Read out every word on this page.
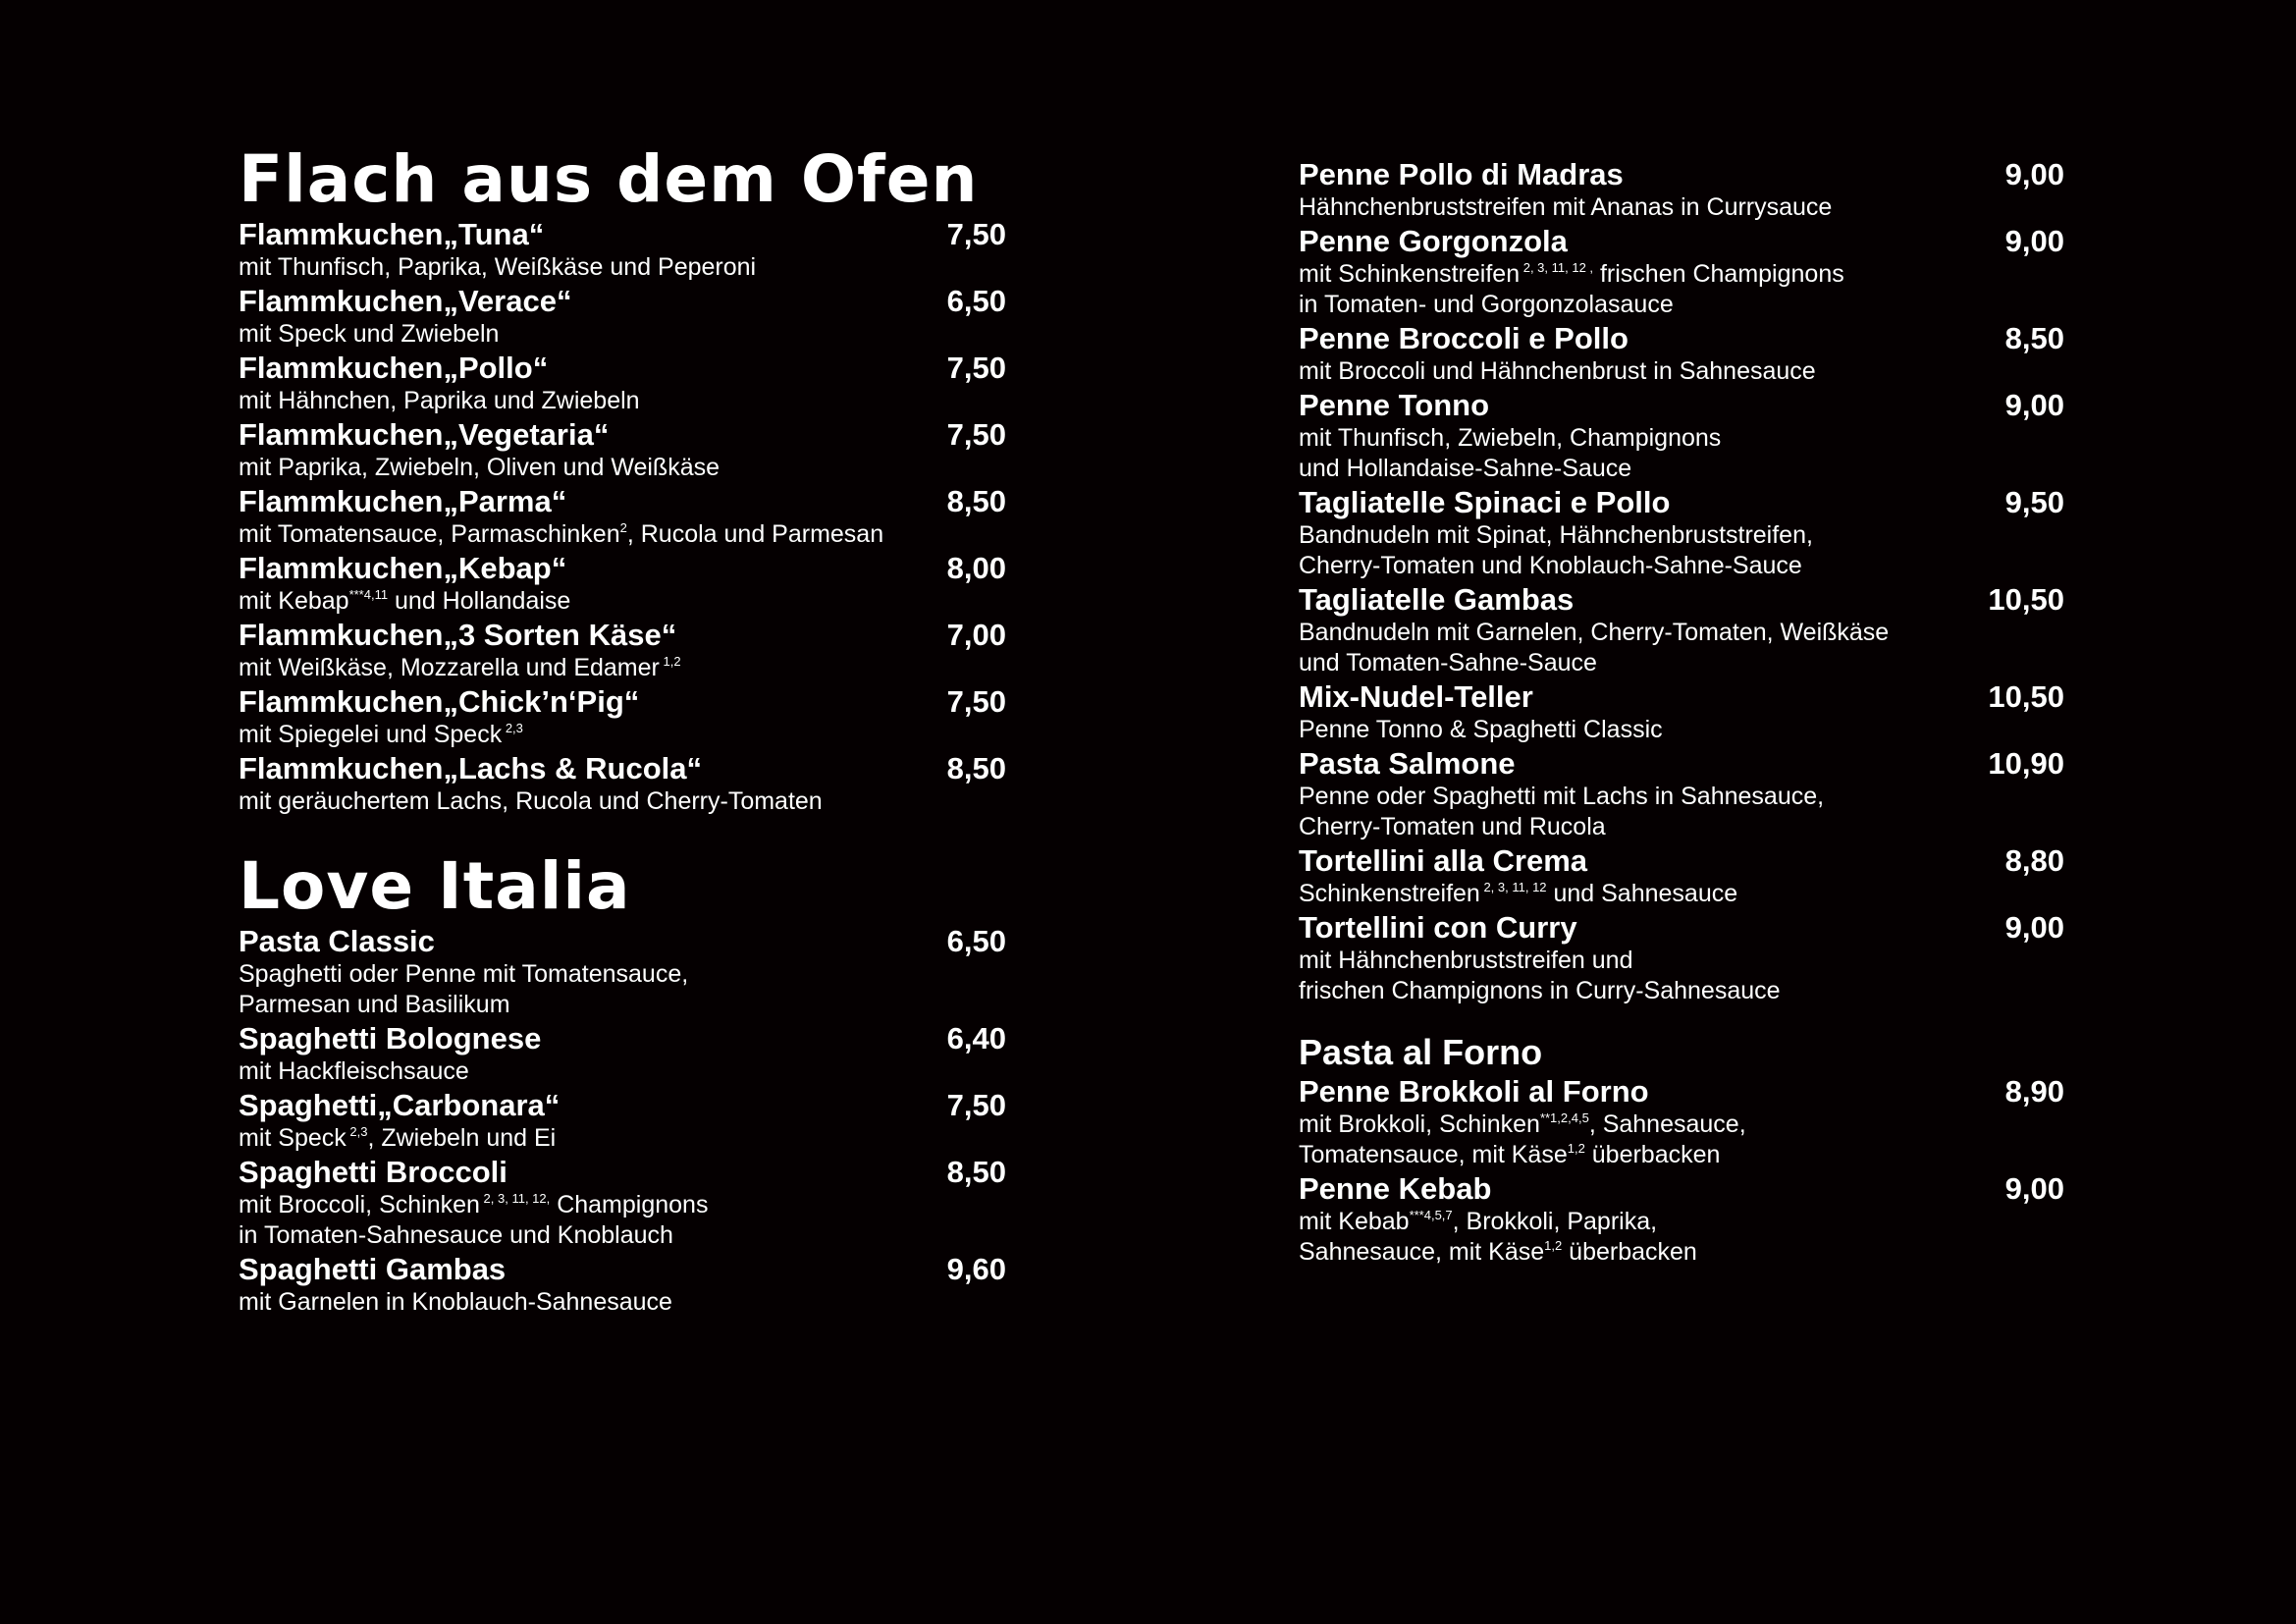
Flach aus dem Ofen
Flammkuchen„Tuna“	7,50
mit Thunfisch, Paprika, Weißkäse und Peperoni
Flammkuchen„Verace“	6,50
mit Speck und Zwiebeln
Flammkuchen„Pollo“	7,50
mit Hähnchen, Paprika und Zwiebeln
Flammkuchen„Vegetaria“	7,50
mit Paprika, Zwiebeln, Oliven und Weißkäse
Flammkuchen„Parma“	8,50
mit Tomatensauce, Parmaschinken$^2$, Rucola und Parmesan
Flammkuchen„Kebap“	8,00
mit Kebap$^{***4,11}$ und Hollandaise
Flammkuchen„3 Sorten Käse“	7,00
mit Weißkäse, Mozzarella und Edamer $^{1,2}$
Flammkuchen„Chick’n‘Pig“	7,50
mit Spiegelei und Speck $^{2,3}$
Flammkuchen„Lachs & Rucola“	8,50
mit geräuchertem Lachs, Rucola und Cherry-Tomaten
Love Italia
Pasta Classic	6,50
Spaghetti oder Penne mit Tomatensauce,
Parmesan und Basilikum
Spaghetti Bolognese	6,40
mit Hackfleischsauce
Spaghetti„Carbonara“	7,50
mit Speck $^{2,3}$, Zwiebeln und Ei
Spaghetti Broccoli	8,50
mit Broccoli, Schinken $^{2, 3, 11, 12,}$ Champignons
in Tomaten-Sahnesauce und Knoblauch
Spaghetti Gambas	9,60
mit Garnelen in Knoblauch-Sahnesauce
Penne Pollo di Madras	9,00
Hähnchenbruststreifen mit Ananas in Currysauce
Penne Gorgonzola	9,00
mit Schinkenstreifen $^{2, 3, 11, 12 ,}$ frischen Champignons
in Tomaten- und Gorgonzolasauce
Penne Broccoli e Pollo	8,50
mit Broccoli und Hähnchenbrust in Sahnesauce
Penne Tonno	9,00
mit Thunfisch, Zwiebeln, Champignons
und Hollandaise-Sahne-Sauce
Tagliatelle Spinaci e Pollo	9,50
Bandnudeln mit Spinat, Hähnchenbruststreifen,
Cherry-Tomaten und Knoblauch-Sahne-Sauce
Tagliatelle Gambas	10,50
Bandnudeln mit Garnelen, Cherry-Tomaten, Weißkäse
und Tomaten-Sahne-Sauce
Mix-Nudel-Teller	10,50
Penne Tonno & Spaghetti Classic
Pasta Salmone	10,90
Penne oder Spaghetti mit Lachs in Sahnesauce,
Cherry-Tomaten und Rucola
Tortellini alla Crema	8,80
Schinkenstreifen $^{2, 3, 11, 12}$ und Sahnesauce
Tortellini con Curry	9,00
mit Hähnchenbruststreifen und
frischen Champignons in Curry-Sahnesauce
Pasta al Forno
Penne Brokkoli al Forno	8,90
mit Brokkoli, Schinken$^{**1,2,4,5}$, Sahnesauce,
Tomatensauce, mit Käse$^{1,2}$ überbacken
Penne Kebab	9,00
mit Kebab$^{***4,5,7}$, Brokkoli, Paprika,
Sahnesauce, mit Käse$^{1,2}$ überbacken
